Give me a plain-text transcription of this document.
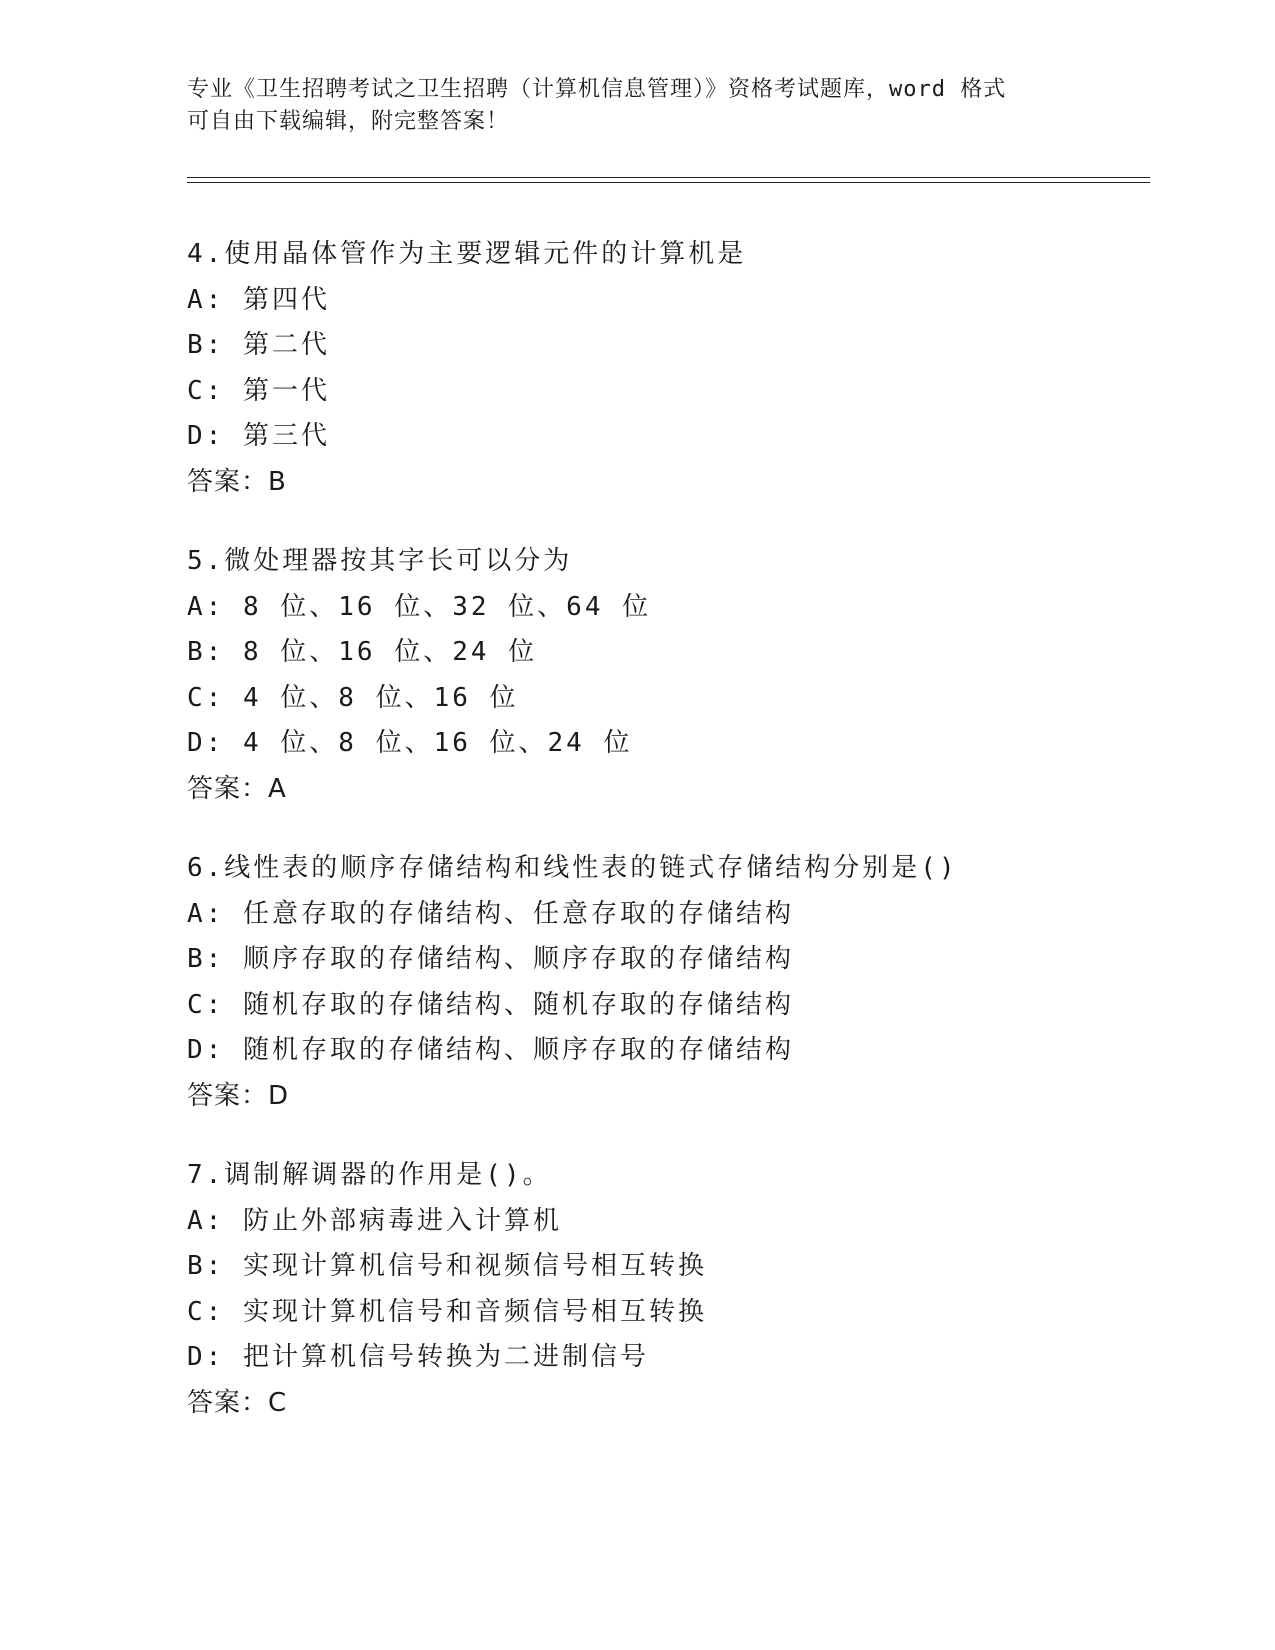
专业《卫生招聘考试之卫生招聘（计算机信息管理）》资格考试题库，word 格式
可自由下载编辑，附完整答案！
4.使用晶体管作为主要逻辑元件的计算机是
A: 第四代
B: 第二代
C: 第一代
D: 第三代
答案：B
5.微处理器按其字长可以分为
A: 8 位、16 位、32 位、64 位
B: 8 位、16 位、24 位
C: 4 位、8 位、16 位
D: 4 位、8 位、16 位、24 位
答案：A
6.线性表的顺序存储结构和线性表的链式存储结构分别是()
A: 任意存取的存储结构、任意存取的存储结构
B: 顺序存取的存储结构、顺序存取的存储结构
C: 随机存取的存储结构、随机存取的存储结构
D: 随机存取的存储结构、顺序存取的存储结构
答案：D
7.调制解调器的作用是()。
A: 防止外部病毒进入计算机
B: 实现计算机信号和视频信号相互转换
C: 实现计算机信号和音频信号相互转换
D: 把计算机信号转换为二进制信号
答案：C
